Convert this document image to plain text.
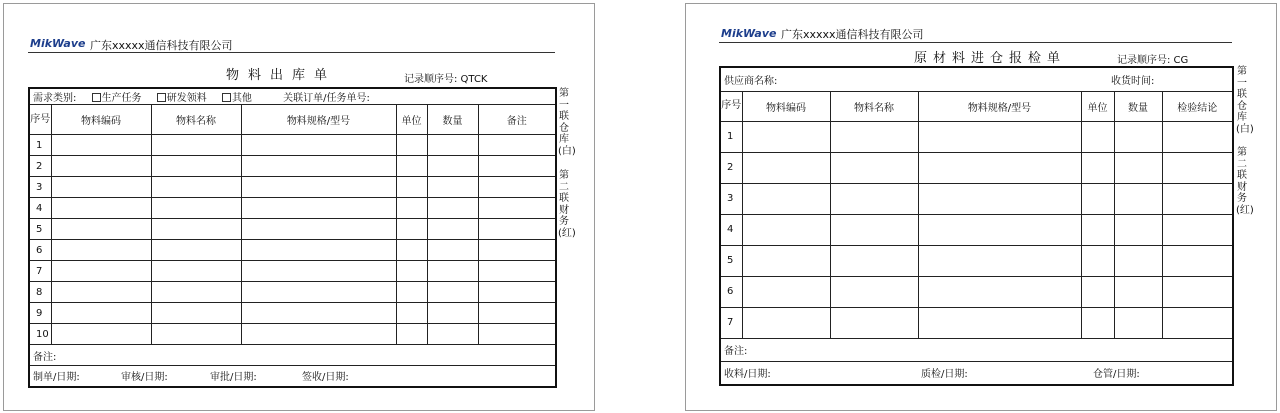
MikWave 广东xxxxx通信科技有限公司
物料出库单	记录顺序号: QTCK
需求类别: 生产任务 研发领料 其他 关联订单/任务单号:						
序号	物料编码	物料名称	物料规格/型号	单位	数量	备注
1						
2						
3						
4						
5						
6						
7						
8						
9						
10						
备注:						
制单/日期: 审核/日期: 审批/日期: 签收/日期:						
第一联仓库(白)
第二联财务(红)
MikWave 广东xxxxx通信科技有限公司
原材料进仓报检单	记录顺序号: CG
供应商名称: 收货时间:						

序号	物料编码	物料名称	物料规格/型号	单位	数量	检验结论
1						
2						
3						
4						
5						
6						
7						
备注:						
收料/日期: 质检/日期: 仓管/日期:						
第一联仓库(白)
第二联财务(红)
